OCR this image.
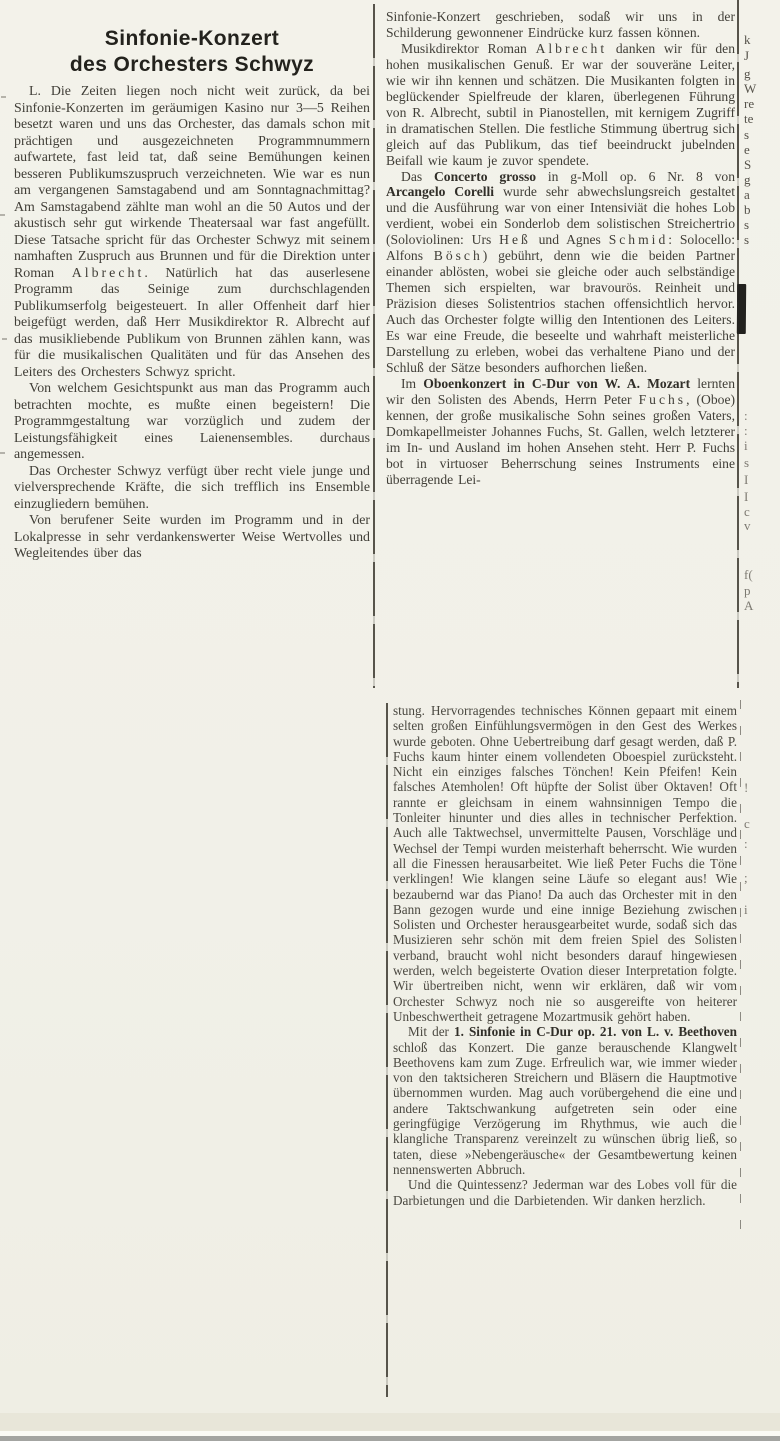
Sinfonie-Konzert
des Orchesters Schwyz

L. Die Zeiten liegen noch nicht weit zurück, da bei Sinfonie-Konzerten im geräumigen Kasino nur 3—5 Reihen besetzt waren und uns das Orchester, das damals schon mit prächtigen und ausgezeichneten Programmnummern aufwartete, fast leid tat, daß seine Bemühungen keinen besseren Publikumszuspruch verzeichneten. Wie war es nun am vergangenen Samstagabend und am Sonntagnachmittag? Am Samstagabend zählte man wohl an die 50 Autos und der akustisch sehr gut wirkende Theatersaal war fast angefüllt. Diese Tatsache spricht für das Orchester Schwyz mit seinem namhaften Zuspruch aus Brunnen und für die Direktion unter Roman Albrecht. Natürlich hat das auserlesene Programm das Seinige zum durchschlagenden Publikumserfolg beigesteuert. In aller Offenheit darf hier beigefügt werden, daß Herr Musikdirektor R. Albrecht auf das musikliebende Publikum von Brunnen zählen kann, was für die musikalischen Qualitäten und für das Ansehen des Leiters des Orchesters Schwyz spricht.

Von welchem Gesichtspunkt aus man das Programm auch betrachten mochte, es mußte einen begeistern! Die Programmgestaltung war vorzüglich und zudem der Leistungsfähigkeit eines Laienensembles. durchaus angemessen.

Das Orchester Schwyz verfügt über recht viele junge und vielversprechende Kräfte, die sich trefflich ins Ensemble einzugliedern bemühen.

Von berufener Seite wurden im Programm und in der Lokalpresse in sehr verdankenswerter Weise Wertvolles und Wegleitendes über das

Sinfonie-Konzert geschrieben, sodaß wir uns in der Schilderung gewonnener Eindrücke kurz fassen können.

Musikdirektor Roman Albrecht danken wir für den hohen musikalischen Genuß. Er war der souveräne Leiter, wie wir ihn kennen und schätzen. Die Musikanten folgten in beglückender Spielfreude der klaren, überlegenen Führung von R. Albrecht, subtil in Pianostellen, mit kernigem Zugriff in dramatischen Stellen. Die festliche Stimmung übertrug sich gleich auf das Publikum, das tief beeindruckt jubelnden Beifall wie kaum je zuvor spendete.

Das Concerto grosso in g-Moll op. 6 Nr. 8 von Arcangelo Corelli wurde sehr abwechslungsreich gestaltet und die Ausführung war von einer Intensiviät die hohes Lob verdient, wobei ein Sonderlob dem solistischen Streichertrio (Soloviolinen: Urs Heß und Agnes Schmid: Solocello: Alfons Bösch) gebührt, denn wie die beiden Partner einander ablösten, wobei sie gleiche oder auch selbständige Themen sich erspielten, war bravourös. Reinheit und Präzision dieses Solistentrios stachen offensichtlich hervor. Auch das Orchester folgte willig den Intentionen des Leiters. Es war eine Freude, die beseelte und wahrhaft meisterliche Darstellung zu erleben, wobei das verhaltene Piano und der Schluß der Sätze besonders aufhorchen ließen.

Im Oboenkonzert in C-Dur von W. A. Mozart lernten wir den Solisten des Abends, Herrn Peter Fuchs, (Oboe) kennen, der große musikalische Sohn seines großen Vaters, Domkapellmeister Johannes Fuchs, St. Gallen, welch letzterer im In- und Ausland im hohen Ansehen steht. Herr P. Fuchs bot in virtuoser Beherrschung seines Instruments eine überragende Lei-

k
J
g
W
re
te
s
e
S
g
a
b
s
s
:
:
i
s
I
I
c
v
f(
p
A

stung. Hervorragendes technisches Können gepaart mit einem selten großen Einfühlungsvermögen in den Gest des Werkes wurde geboten. Ohne Uebertreibung darf gesagt werden, daß P. Fuchs kaum hinter einem vollendeten Oboespiel zurücksteht. Nicht ein einziges falsches Tönchen! Kein Pfeifen! Kein falsches Atemholen! Oft hüpfte der Solist über Oktaven! Oft rannte er gleichsam in einem wahnsinnigen Tempo die Tonleiter hinunter und dies alles in technischer Perfektion. Auch alle Taktwechsel, unvermittelte Pausen, Vorschläge und Wechsel der Tempi wurden meisterhaft beherrscht. Wie wurden all die Finessen herausarbeitet. Wie ließ Peter Fuchs die Töne verklingen! Wie klangen seine Läufe so elegant aus! Wie bezaubernd war das Piano! Da auch das Orchester mit in den Bann gezogen wurde und eine innige Beziehung zwischen Solisten und Orchester herausgearbeitet wurde, sodaß sich das Musizieren sehr schön mit dem freien Spiel des Solisten verband, braucht wohl nicht besonders darauf hingewiesen werden, welch begeisterte Ovation dieser Interpretation folgte. Wir übertreiben nicht, wenn wir erklären, daß wir vom Orchester Schwyz noch nie so ausgereifte von heiterer Unbeschwertheit getragene Mozartmusik gehört haben.

Mit der 1. Sinfonie in C-Dur op. 21. von L. v. Beethoven schloß das Konzert. Die ganze berauschende Klangwelt Beethovens kam zum Zuge. Erfreulich war, wie immer wieder von den taktsicheren Streichern und Bläsern die Hauptmotive übernommen wurden. Mag auch vorübergehend die eine und andere Taktschwankung aufgetreten sein oder eine geringfügige Verzögerung im Rhythmus, wie auch die klangliche Transparenz vereinzelt zu wünschen übrig ließ, so taten, diese »Nebengeräusche« der Gesamtbewertung keinen nennenswerten Abbruch.

Und die Quintessenz? Jederman war des Lobes voll für die Darbietungen und die Darbietenden. Wir danken herzlich.

!
c
:
;
i
